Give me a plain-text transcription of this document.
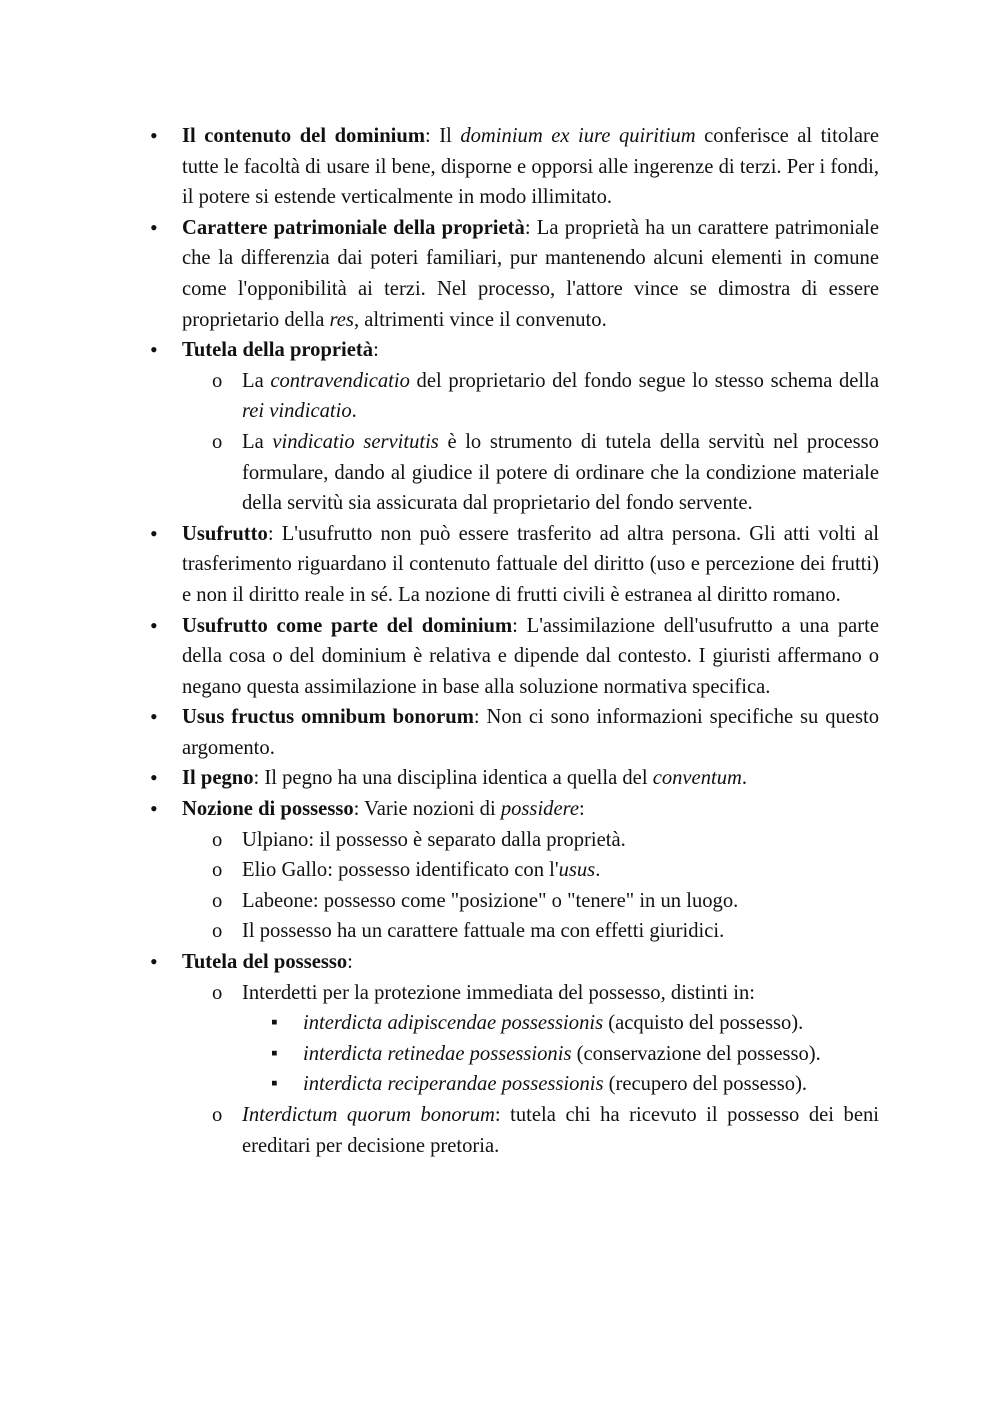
• Il contenuto del dominium: Il dominium ex iure quiritium conferisce al titolare tutte le facoltà di usare il bene, disporne e opporsi alle ingerenze di terzi. Per i fondi, il potere si estende verticalmente in modo illimitato.
• Carattere patrimoniale della proprietà: La proprietà ha un carattere patrimoniale che la differenzia dai poteri familiari, pur mantenendo alcuni elementi in comune come l'opponibilità ai terzi. Nel processo, l'attore vince se dimostra di essere proprietario della res, altrimenti vince il convenuto.
• Tutela della proprietà:
o La contravendicatio del proprietario del fondo segue lo stesso schema della rei vindicatio.
o La vindicatio servitutis è lo strumento di tutela della servitù nel processo formulare, dando al giudice il potere di ordinare che la condizione materiale della servitù sia assicurata dal proprietario del fondo servente.
• Usufrutto: L'usufrutto non può essere trasferito ad altra persona. Gli atti volti al trasferimento riguardano il contenuto fattuale del diritto (uso e percezione dei frutti) e non il diritto reale in sé. La nozione di frutti civili è estranea al diritto romano.
• Usufrutto come parte del dominium: L'assimilazione dell'usufrutto a una parte della cosa o del dominium è relativa e dipende dal contesto. I giuristi affermano o negano questa assimilazione in base alla soluzione normativa specifica.
• Usus fructus omnibum bonorum: Non ci sono informazioni specifiche su questo argomento.
• Il pegno: Il pegno ha una disciplina identica a quella del conventum.
• Nozione di possesso: Varie nozioni di possidere:
o Ulpiano: il possesso è separato dalla proprietà.
o Elio Gallo: possesso identificato con l'usus.
o Labeone: possesso come "posizione" o "tenere" in un luogo.
o Il possesso ha un carattere fattuale ma con effetti giuridici.
• Tutela del possesso:
o Interdetti per la protezione immediata del possesso, distinti in:
▪ interdicta adipiscendae possessionis (acquisto del possesso).
▪ interdicta retinedae possessionis (conservazione del possesso).
▪ interdicta reciperandae possessionis (recupero del possesso).
o Interdictum quorum bonorum: tutela chi ha ricevuto il possesso dei beni ereditari per decisione pretoria.
